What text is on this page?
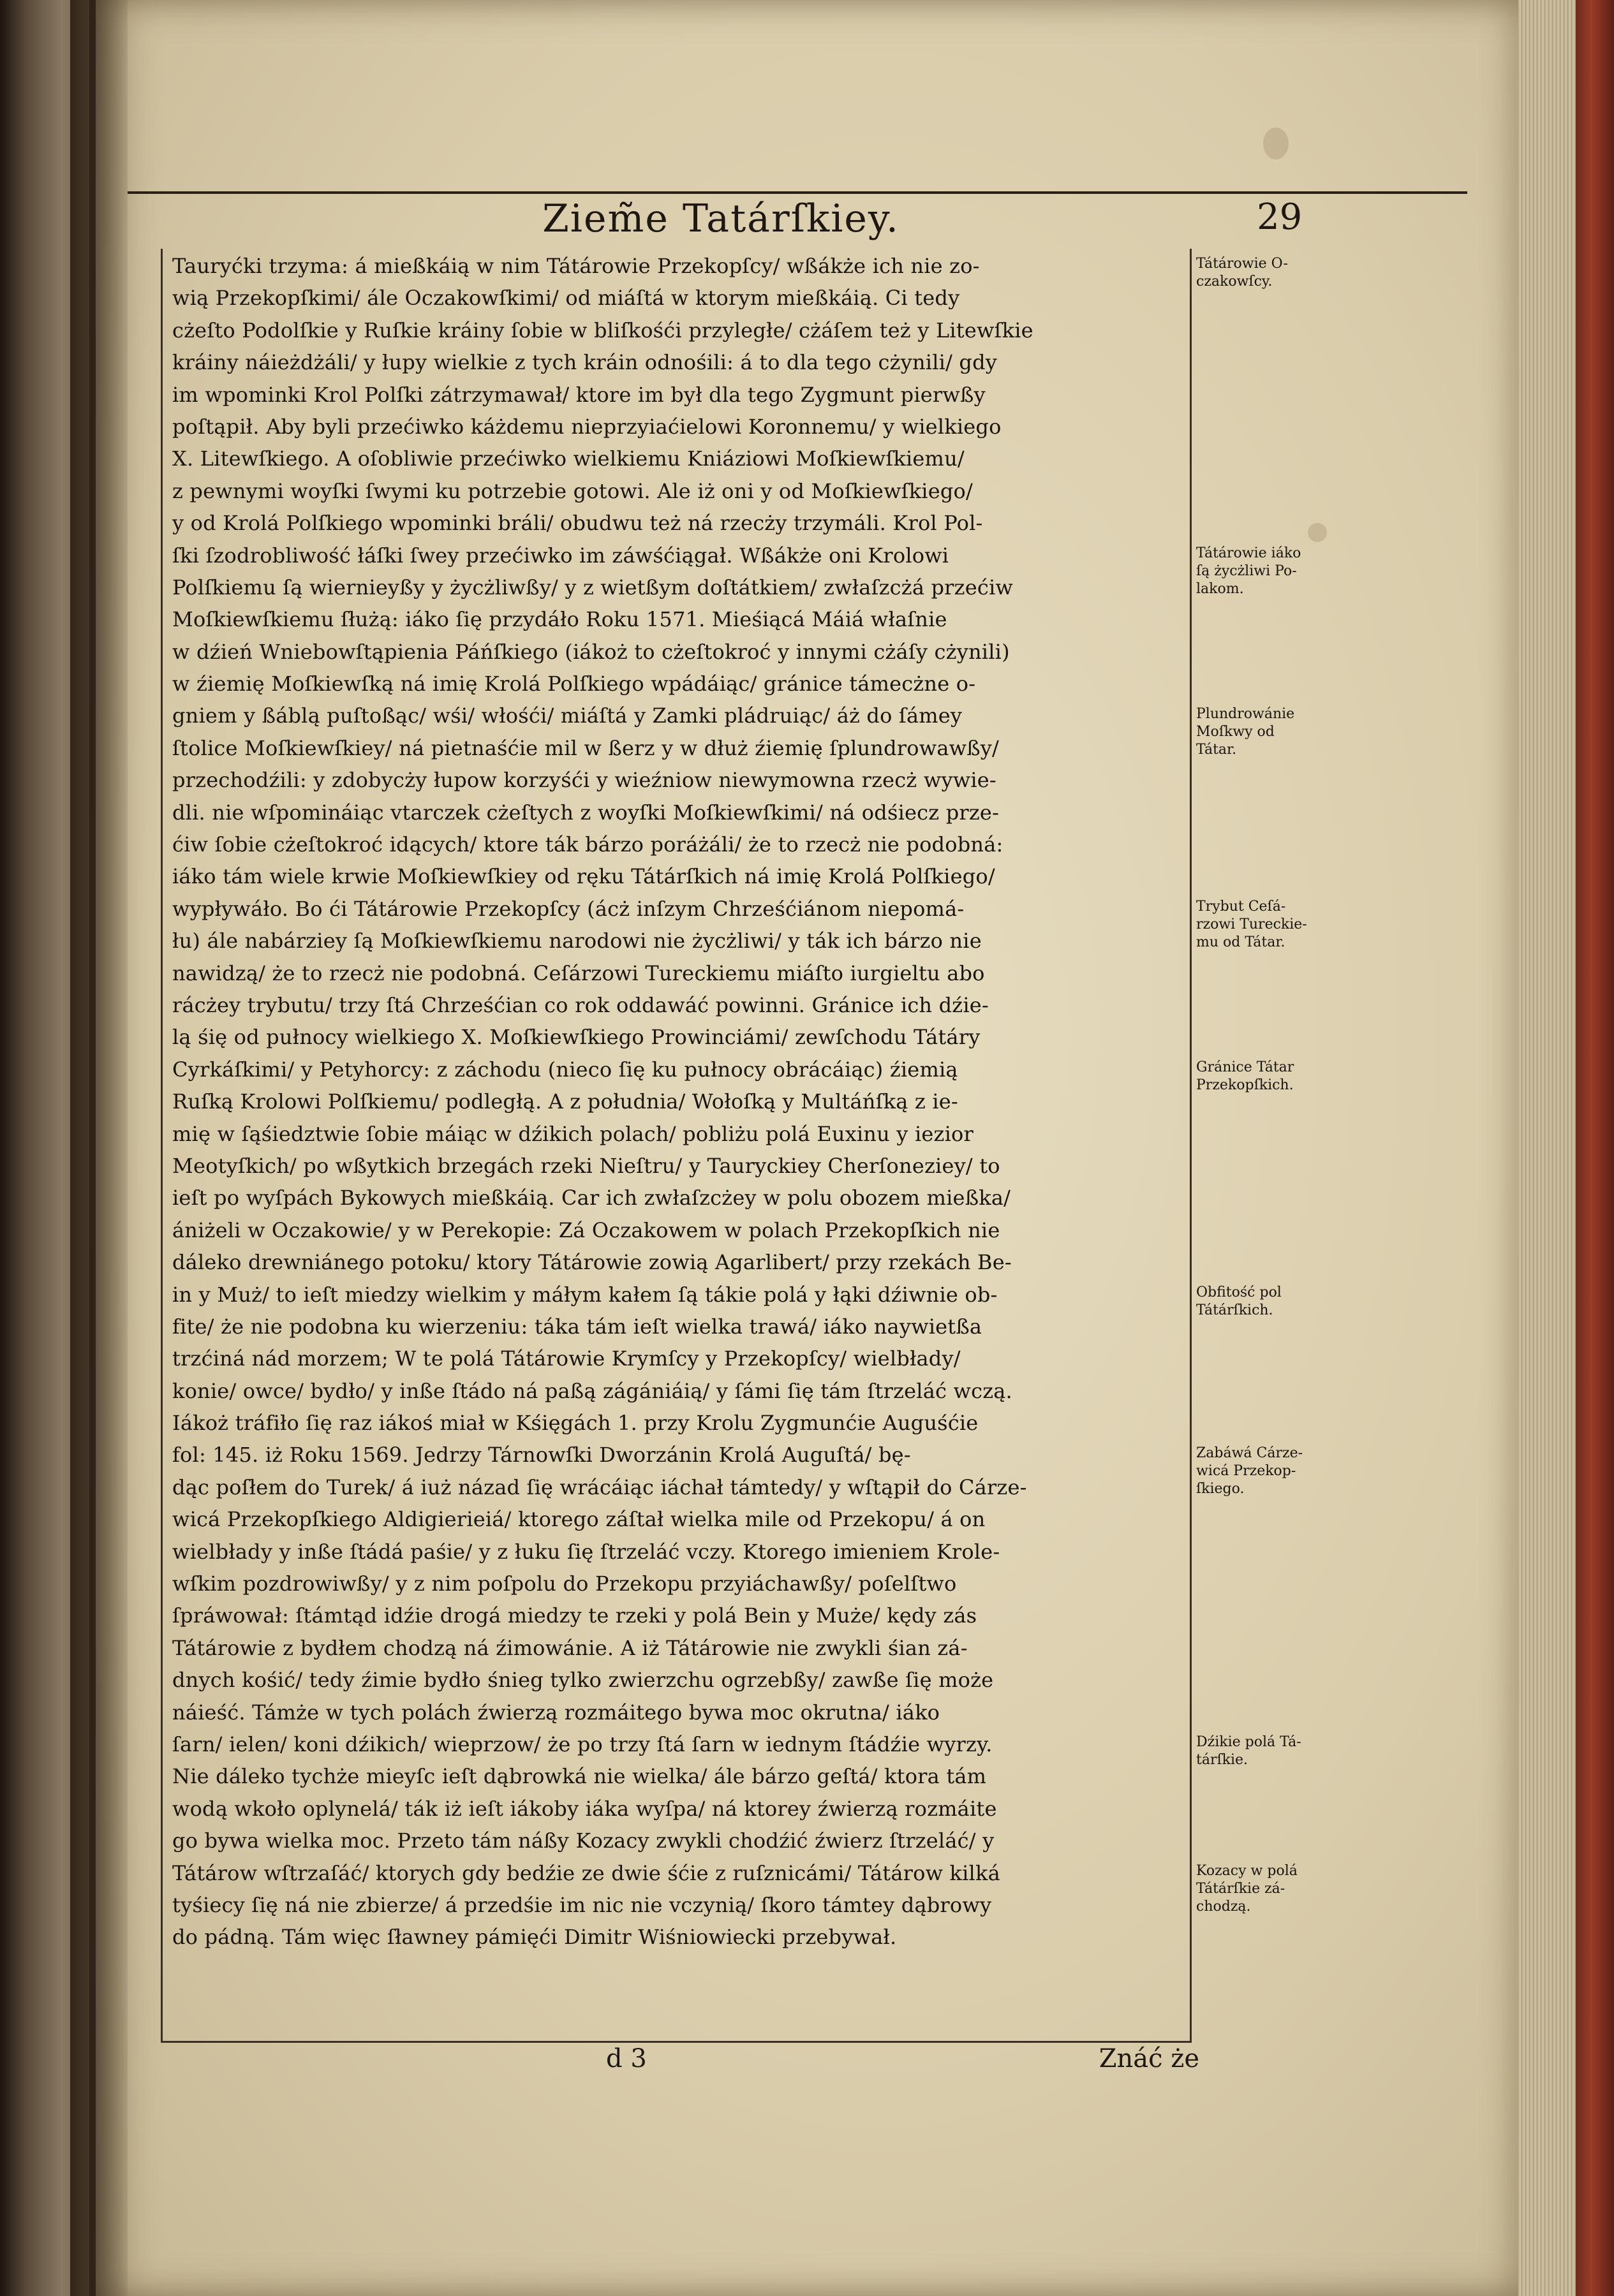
Ziem̃e Tatárſkiey.	29
Tauryćki trzyma: á mießkáią w nim Tátárowie Przekopſcy/ wßákże ich nie zo-
wią Przekopſkimi/ ále Oczakowſkimi/ od miáſtá w ktorym mießkáią. Ci tedy
cżeſto Podolſkie y Ruſkie kráiny ſobie w bliſkośći przyległe/ cżáſem też y Litewſkie
kráiny náieżdżáli/ y łupy wielkie z tych kráin odnośili: á to dla tego cżynili/ gdy
im wpominki Krol Polſki zátrzymawał/ ktore im był dla tego Zygmunt pierwßy
poſtąpił. Aby byli przećiwko káżdemu nieprzyiaćielowi Koronnemu/ y wielkiego
X. Litewſkiego. A oſobliwie przećiwko wielkiemu Kniáziowi Moſkiewſkiemu/
z pewnymi woyſki ſwymi ku potrzebie gotowi. Ale iż oni y od Moſkiewſkiego/
y od Krolá Polſkiego wpominki bráli/ obudwu też ná rzecży trzymáli. Krol Pol-
ſki ſzodrobliwość łáſki ſwey przećiwko im záwśćiągał. Wßákże oni Krolowi
Polſkiemu ſą wiernieyßy y życżliwßy/ y z wietßym doſtátkiem/ zwłaſzcżá przećiw
Moſkiewſkiemu ſłużą: iáko ſię przydáło Roku 1571. Mieśiącá Máiá właſnie
w dźień Wniebowſtąpienia Páńſkiego (iákoż to cżeſtokroć y innymi cżáſy cżynili)
w źiemię Moſkiewſką ná imię Krolá Polſkiego wpádáiąc/ gránice támecżne o-
gniem y ßáblą puſtoßąc/ wśi/ włośći/ miáſtá y Zamki pládruiąc/ áż do ſámey
ſtolice Moſkiewſkiey/ ná pietnaśćie mil w ßerz y w dłuż źiemię ſplundrowawßy/
przechodźili: y zdobycży łupow korzyśći y wieźniow niewymowna rzecż wywie-
dli. nie wſpomináiąc vtarczek cżeſtych z woyſki Moſkiewſkimi/ ná odśiecz prze-
ćiw ſobie cżeſtokroć idących/ ktore ták bárzo poráżáli/ że to rzecż nie podobná:
iáko tám wiele krwie Moſkiewſkiey od ręku Tátárſkich ná imię Krolá Polſkiego/
wypływáło. Bo ći Tátárowie Przekopſcy (ácż inſzym Chrześćiánom niepomá-
łu) ále nabárziey ſą Moſkiewſkiemu narodowi nie życżliwi/ y ták ich bárzo nie
nawidzą/ że to rzecż nie podobná. Ceſárzowi Tureckiemu miáſto iurgieltu abo
rácżey trybutu/ trzy ſtá Chrześćian co rok oddawáć powinni. Gránice ich dźie-
lą śię od pułnocy wielkiego X. Moſkiewſkiego Prowinciámi/ zewſchodu Tátáry
Cyrkáſkimi/ y Petyhorcy: z záchodu (nieco ſię ku pułnocy obrácáiąc) źiemią
Ruſką Krolowi Polſkiemu/ podległą. A z południa/ Wołoſką y Multáńſką z ie-
mię w ſąśiedztwie ſobie máiąc w dźikich polach/ pobliżu polá Euxinu y iezior
Meotyſkich/ po wßytkich brzegách rzeki Nieſtru/ y Tauryckiey Cherſoneziey/ to
ieſt po wyſpách Bykowych mießkáią. Car ich zwłaſzcżey w polu obozem mießka/
ániżeli w Oczakowie/ y w Perekopie: Zá Oczakowem w polach Przekopſkich nie
dáleko drewniánego potoku/ ktory Tátárowie zowią Agarlibert/ przy rzekách Be-
in y Muż/ to ieſt miedzy wielkim y máłym kałem ſą tákie polá y łąki dźiwnie ob-
fite/ że nie podobna ku wierzeniu: táka tám ieſt wielka trawá/ iáko naywietßa
trzćiná nád morzem; W te polá Tátárowie Krymſcy y Przekopſcy/ wielbłady/
konie/ owce/ bydło/ y inße ſtádo ná paßą zágániáią/ y ſámi ſię tám ſtrzeláć wczą.
Iákoż tráfiło ſię raz iákoś miał w Kśięgách 1. przy Krolu Zygmunćie Auguśćie
fol: 145. iż Roku 1569. Jedrzy Tárnowſki Dworzánin Krolá Auguſtá/ bę-
dąc poſłem do Turek/ á iuż názad ſię wrácáiąc iáchał támtedy/ y wſtąpił do Cárze-
wicá Przekopſkiego Aldigierieiá/ ktorego záſtał wielka mile od Przekopu/ á on
wielbłady y inße ſtádá paśie/ y z łuku ſię ſtrzeláć vczy. Ktorego imieniem Krole-
wſkim pozdrowiwßy/ y z nim poſpolu do Przekopu przyiáchawßy/ poſelſtwo
ſpráwował: ſtámtąd idźie drogá miedzy te rzeki y polá Bein y Muże/ kędy zás
Tátárowie z bydłem chodzą ná źimowánie. A iż Tátárowie nie zwykli śian zá-
dnych kośić/ tedy źimie bydło śnieg tylko zwierzchu ogrzebßy/ zawße ſię może
náieść. Támże w tych polách źwierzą rozmáitego bywa moc okrutna/ iáko
ſarn/ ielen/ koni dźikich/ wieprzow/ że po trzy ſtá ſarn w iednym ſtádźie wyrzy.
Nie dáleko tychże mieyſc ieſt dąbrowká nie wielka/ ále bárzo geſtá/ ktora tám
wodą wkoło oplynelá/ ták iż ieſt iákoby iáka wyſpa/ ná ktorey źwierzą rozmáite
go bywa wielka moc. Przeto tám náßy Kozacy zwykli chodźić źwierz ſtrzeláć/ y
Tátárow wſtrzaſáć/ ktorych gdy bedźie ze dwie śćie z ruſznicámi/ Tátárow kilká
tyśiecy ſię ná nie zbierze/ á przedśie im nic nie vczynią/ ſkoro támtey dąbrowy
do pádną. Tám więc ſławney pámięći Dimitr Wiśniowiecki przebywał.
Tátárowie O-
czakowſcy.
Tátárowie iáko
ſą życżliwi Po-
lakom.
Plundrowánie
Moſkwy od
Tátar.
Trybut Ceſá-
rzowi Tureckie-
mu od Tátar.
Gránice Tátar
Przekopſkich.
Obfitość pol
Tátárſkich.
Zabáwá Cárze-
wicá Przekop-
ſkiego.
Dźikie polá Tá-
tárſkie.
Kozacy w polá
Tátárſkie zá-
chodzą.
d 3	Znáć że
